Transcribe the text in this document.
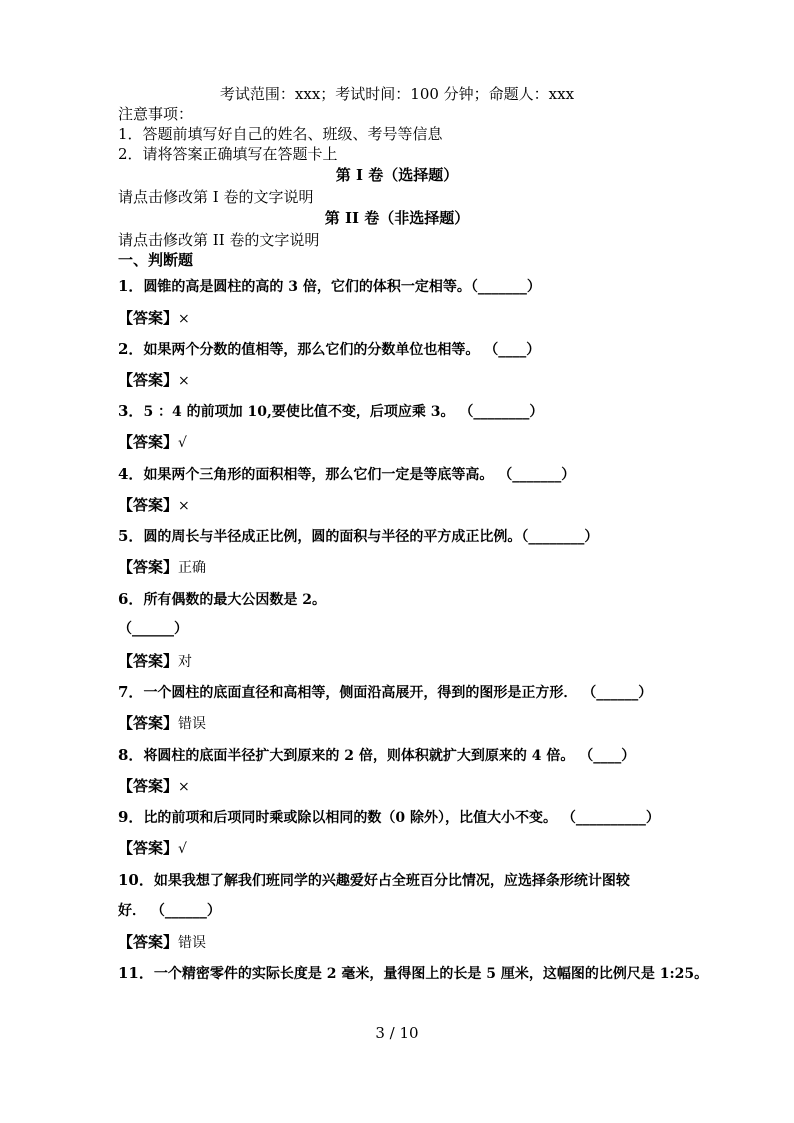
考试范围：xxx；考试时间：100 分钟；命题人：xxx
注意事项：
1．答题前填写好自己的姓名、班级、考号等信息
2．请将答案正确填写在答题卡上
第 I 卷（选择题）
请点击修改第 I 卷的文字说明
第 II 卷（非选择题）
请点击修改第 II 卷的文字说明
一、判断题
1．圆锥的高是圆柱的高的 3 倍，它们的体积一定相等。（_______）
【答案】×
2．如果两个分数的值相等，那么它们的分数单位也相等。 （____）
【答案】×
3．5 ：4 的前项加 10,要使比值不变，后项应乘 3。 （________）
【答案】√
4．如果两个三角形的面积相等，那么它们一定是等底等高。 （_______）
【答案】×
5．圆的周长与半径成正比例，圆的面积与半径的平方成正比例。（________）
【答案】正确
6．所有偶数的最大公因数是 2。
（______）
【答案】对
7．一个圆柱的底面直径和高相等，侧面沿高展开，得到的图形是正方形． （______）
【答案】错误
8．将圆柱的底面半径扩大到原来的 2 倍，则体积就扩大到原来的 4 倍。 （____）
【答案】×
9．比的前项和后项同时乘或除以相同的数（0 除外），比值大小不变。 （__________）
【答案】√
10．如果我想了解我们班同学的兴趣爱好占全班百分比情况，应选择条形统计图较
好． （______）
【答案】错误
11．一个精密零件的实际长度是 2 毫米，量得图上的长是 5 厘米，这幅图的比例尺是 1:25。
3 / 10
